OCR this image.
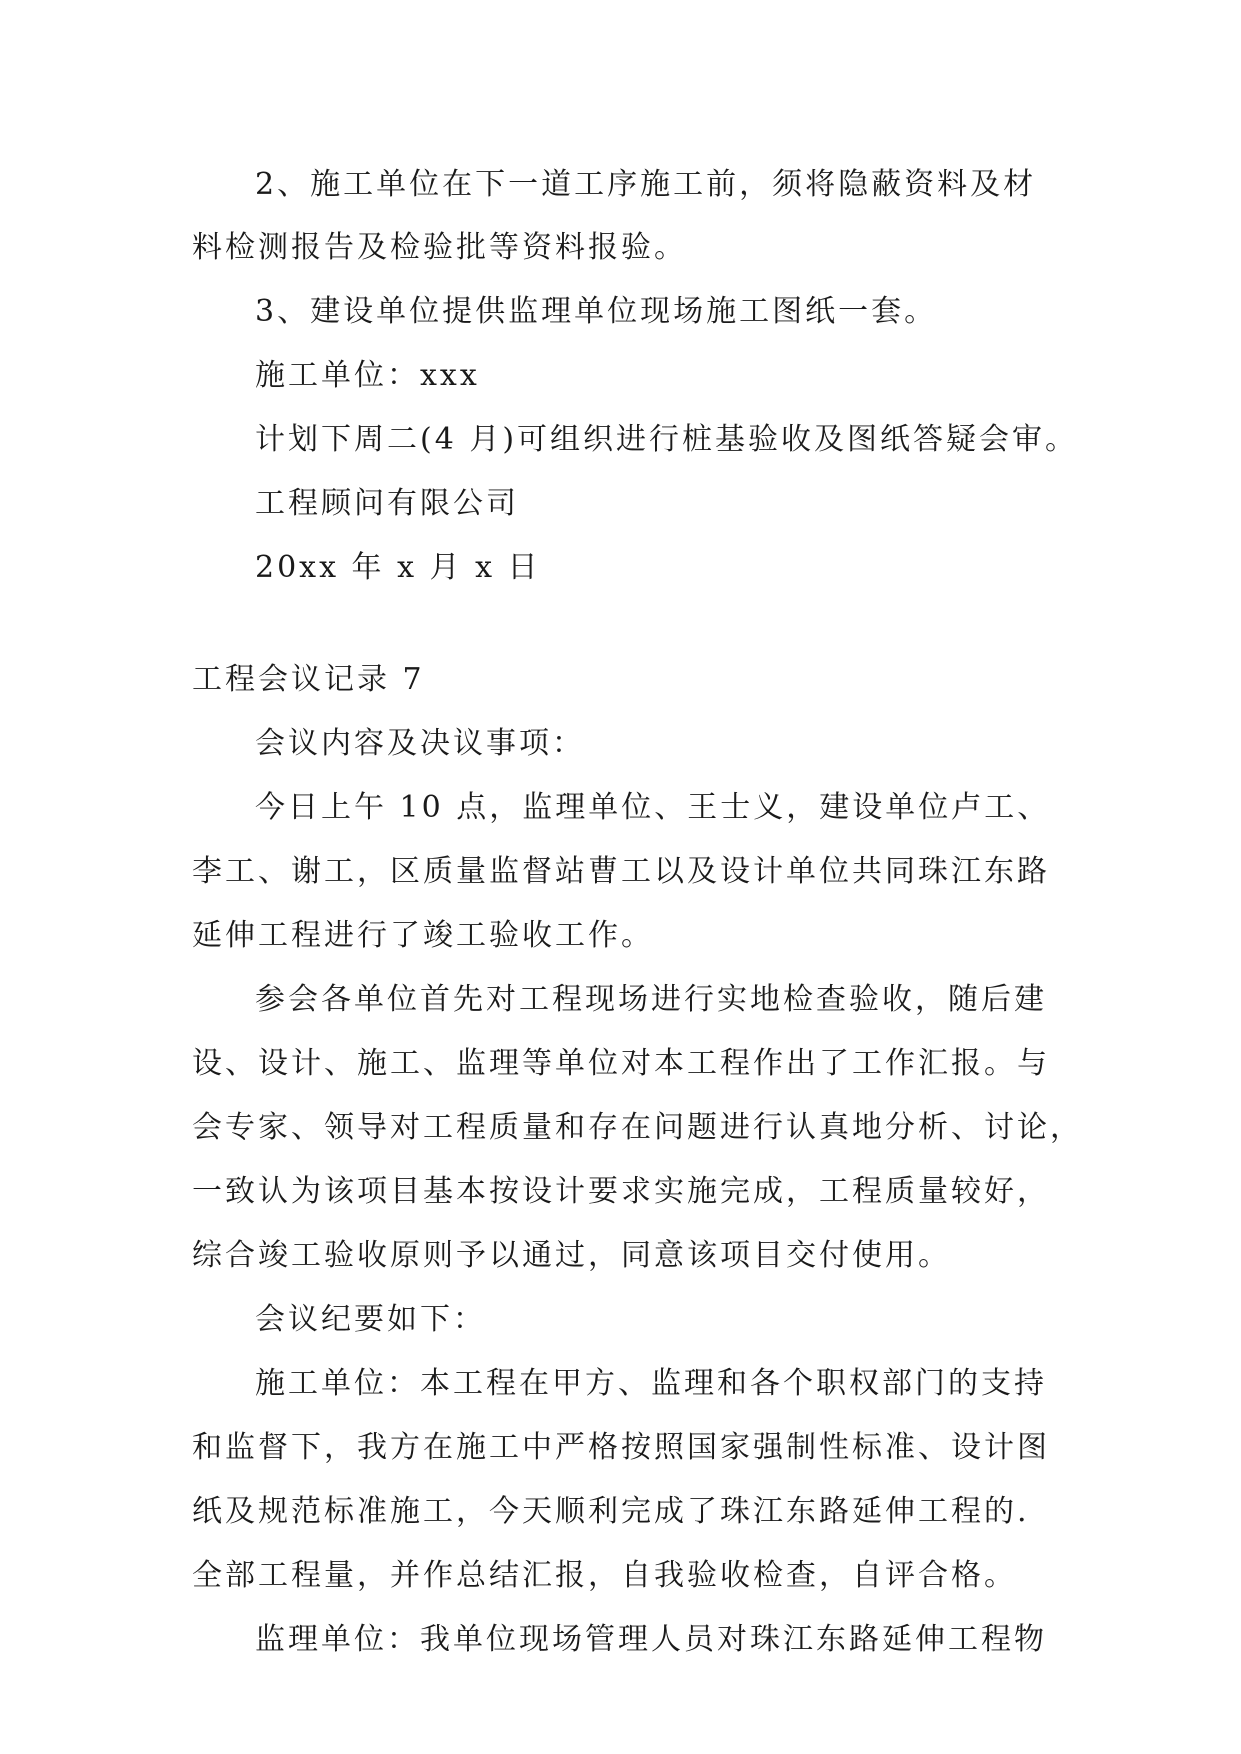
2、施工单位在下一道工序施工前，须将隐蔽资料及材
料检测报告及检验批等资料报验。
3、建设单位提供监理单位现场施工图纸一套。
施工单位：xxx
计划下周二(4 月)可组织进行桩基验收及图纸答疑会审。
工程顾问有限公司
20xx 年 x 月 x 日
工程会议记录 7
会议内容及决议事项：
今日上午 10 点，监理单位、王士义，建设单位卢工、
李工、谢工，区质量监督站曹工以及设计单位共同珠江东路
延伸工程进行了竣工验收工作。
参会各单位首先对工程现场进行实地检查验收，随后建
设、设计、施工、监理等单位对本工程作出了工作汇报。与
会专家、领导对工程质量和存在问题进行认真地分析、讨论，
一致认为该项目基本按设计要求实施完成，工程质量较好，
综合竣工验收原则予以通过，同意该项目交付使用。
会议纪要如下：
施工单位：本工程在甲方、监理和各个职权部门的支持
和监督下，我方在施工中严格按照国家强制性标准、设计图
纸及规范标准施工，今天顺利完成了珠江东路延伸工程的.
全部工程量，并作总结汇报，自我验收检查，自评合格。
监理单位：我单位现场管理人员对珠江东路延伸工程物
